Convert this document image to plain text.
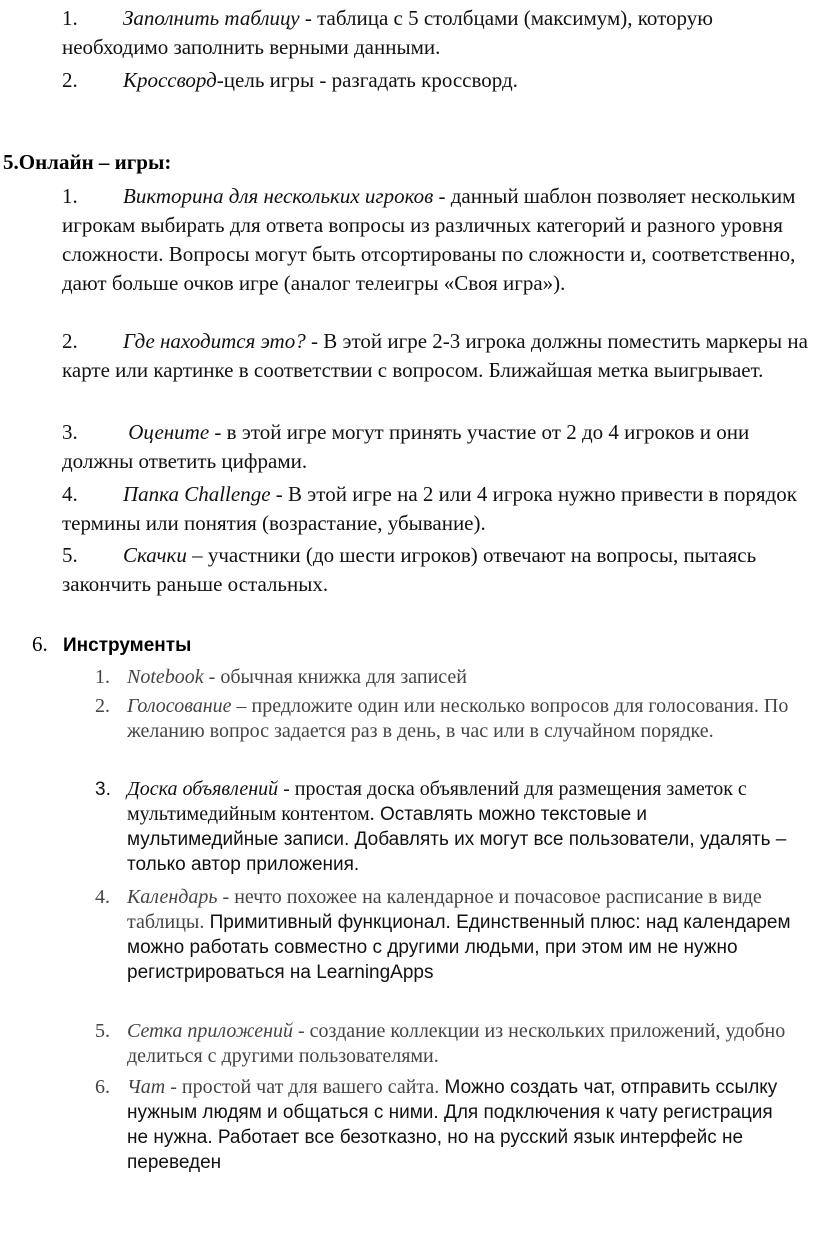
1. Заполнить таблицу - таблица с 5 столбцами (максимум), которую необходимо заполнить верными данными.
2. Кроссворд-цель игры - разгадать кроссворд.
5.Онлайн – игры:
1. Викторина для нескольких игроков - данный шаблон позволяет нескольким игрокам выбирать для ответа вопросы из различных категорий и разного уровня сложности. Вопросы могут быть отсортированы по сложности и, соответственно, дают больше очков игре (аналог телеигры «Своя игра»).
2. Где находится это? - В этой игре 2-3 игрока должны поместить маркеры на карте или картинке в соответствии с вопросом. Ближайшая метка выигрывает.
3. Оцените - в этой игре могут принять участие от 2 до 4 игроков и они должны ответить цифрами.
4. Папка Challenge - В этой игре на 2 или 4 игрока нужно привести в порядок термины или понятия (возрастание, убывание).
5. Скачки – участники (до шести игроков) отвечают на вопросы, пытаясь закончить раньше остальных.
6. Инструменты
1. Notebook - обычная книжка для записей
2. Голосование – предложите один или несколько вопросов для голосования. По желанию вопрос задается раз в день, в час или в случайном порядке.
3. Доска объявлений - простая доска объявлений для размещения заметок с мультимедийным контентом. Оставлять можно текстовые и мультимедийные записи. Добавлять их могут все пользователи, удалять – только автор приложения.
4. Календарь - нечто похожее на календарное и почасовое расписание в виде таблицы. Примитивный функционал. Единственный плюс: над календарем можно работать совместно с другими людьми, при этом им не нужно регистрироваться на LearningApps
5. Сетка приложений - создание коллекции из нескольких приложений, удобно делиться с другими пользователями.
6. Чат - простой чат для вашего сайта. Можно создать чат, отправить ссылку нужным людям и общаться с ними. Для подключения к чату регистрация не нужна. Работает все безотказно, но на русский язык интерфейс не переведен
